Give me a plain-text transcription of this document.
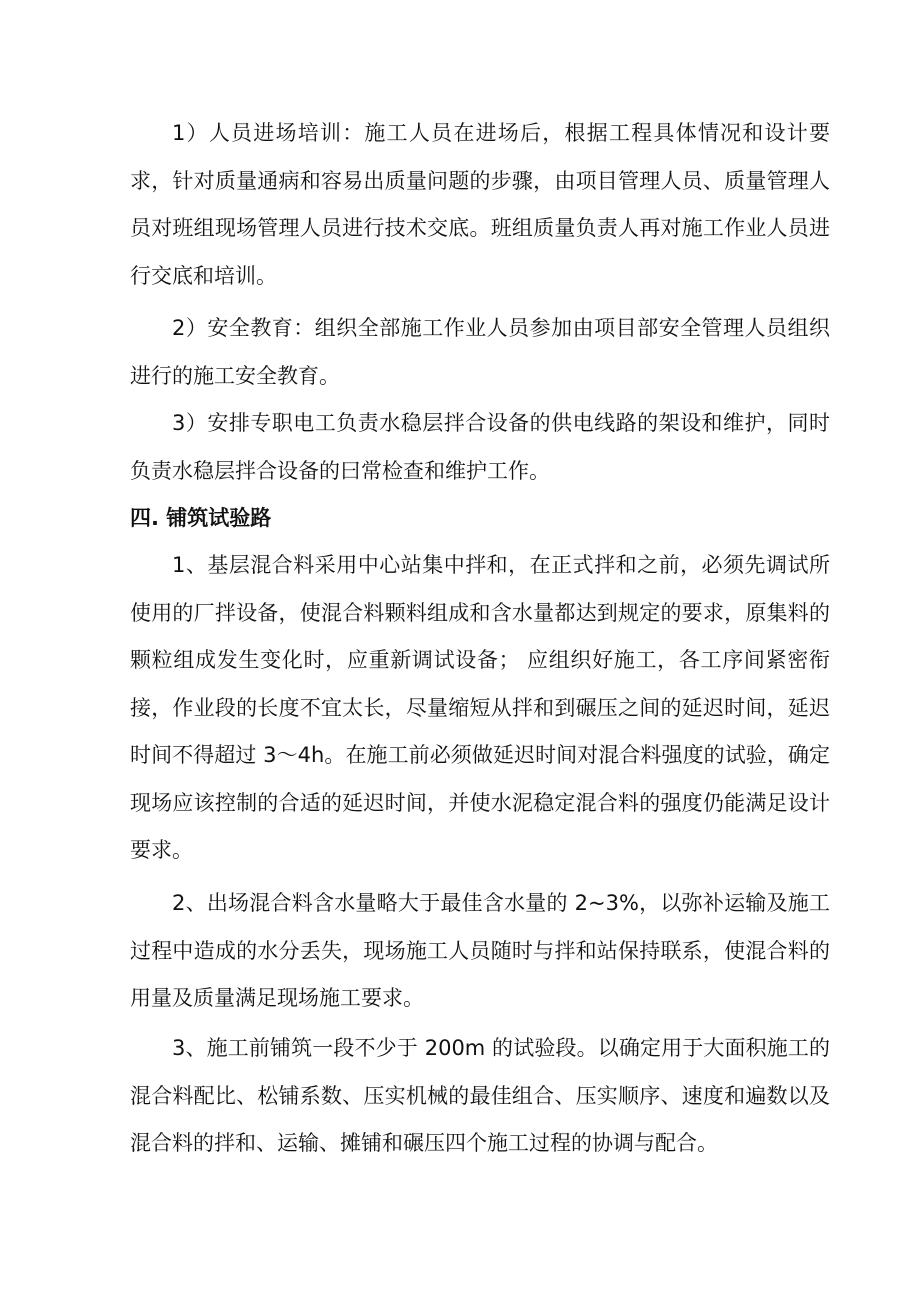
1）人员进场培训：施工人员在进场后，根据工程具体情况和设计要求，针对质量通病和容易出质量问题的步骤，由项目管理人员、质量管理人员对班组现场管理人员进行技术交底。班组质量负责人再对施工作业人员进行交底和培训。

2）安全教育：组织全部施工作业人员参加由项目部安全管理人员组织进行的施工安全教育。

3）安排专职电工负责水稳层拌合设备的供电线路的架设和维护，同时负责水稳层拌合设备的曰常检查和维护工作。

四. 铺筑试验路

1、基层混合料采用中心站集中拌和，在正式拌和之前，必须先调试所使用的厂拌设备，使混合料颗料组成和含水量都达到规定的要求，原集料的颗粒组成发生变化时，应重新调试设备； 应组织好施工，各工序间紧密衔接，作业段的长度不宜太长，尽量缩短从拌和到碾压之间的延迟时间，延迟时间不得超过 3～4h。在施工前必须做延迟时间对混合料强度的试验，确定现场应该控制的合适的延迟时间，并使水泥稳定混合料的强度仍能满足设计要求。

2、出场混合料含水量略大于最佳含水量的 2~3%，以弥补运输及施工过程中造成的水分丢失，现场施工人员随时与拌和站保持联系，使混合料的用量及质量满足现场施工要求。

3、施工前铺筑一段不少于 200m 的试验段。以确定用于大面积施工的混合料配比、松铺系数、压实机械的最佳组合、压实顺序、速度和遍数以及混合料的拌和、运输、摊铺和碾压四个施工过程的协调与配合。
